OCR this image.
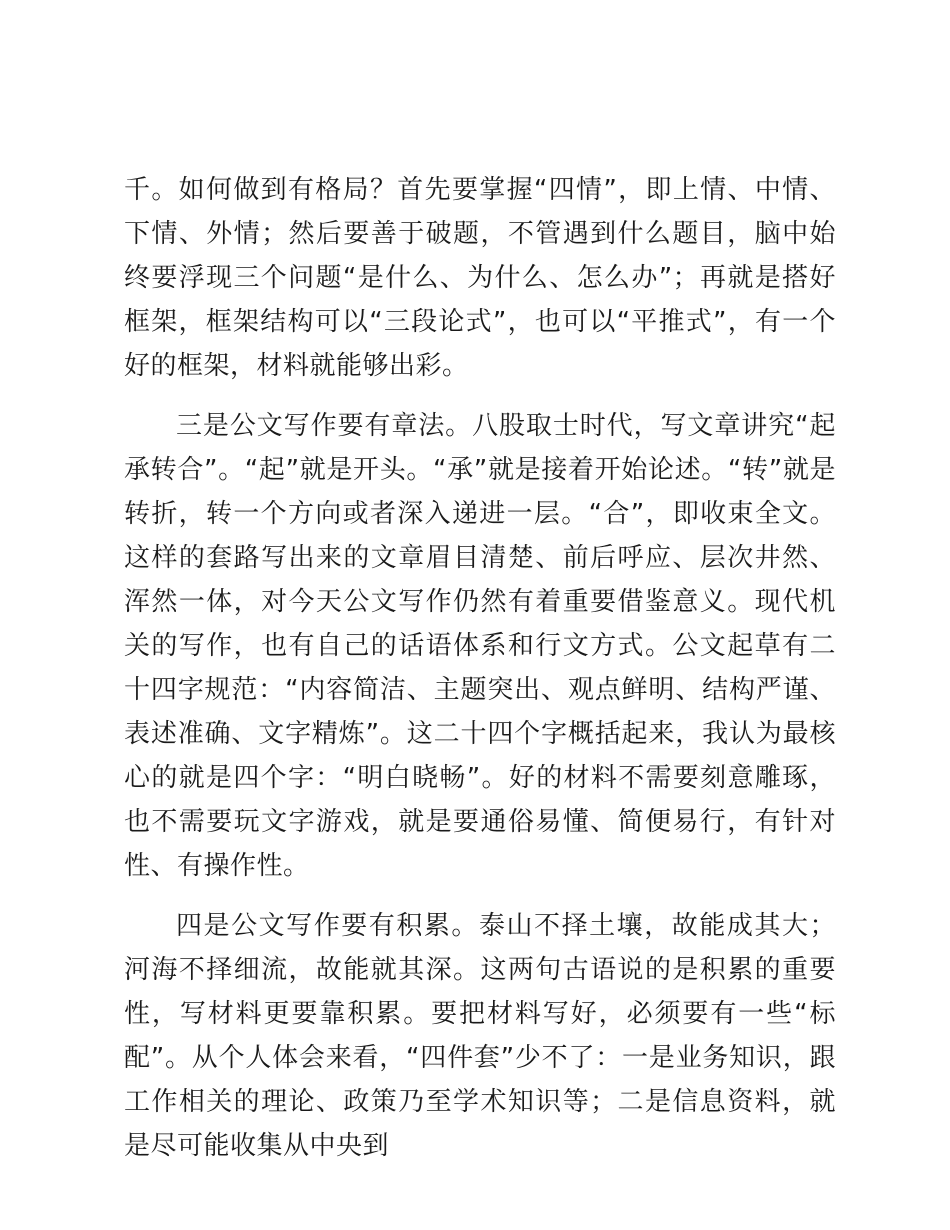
千。如何做到有格局？首先要掌握“四情”，即上情、中情、下情、外情；然后要善于破题，不管遇到什么题目，脑中始终要浮现三个问题“是什么、为什么、怎么办”；再就是搭好框架，框架结构可以“三段论式”，也可以“平推式”，有一个好的框架，材料就能够出彩。

三是公文写作要有章法。八股取士时代，写文章讲究“起承转合”。“起”就是开头。“承”就是接着开始论述。“转”就是转折，转一个方向或者深入递进一层。“合”，即收束全文。这样的套路写出来的文章眉目清楚、前后呼应、层次井然、浑然一体，对今天公文写作仍然有着重要借鉴意义。现代机关的写作，也有自己的话语体系和行文方式。公文起草有二十四字规范：“内容简洁、主题突出、观点鲜明、结构严谨、表述准确、文字精炼”。这二十四个字概括起来，我认为最核心的就是四个字：“明白晓畅”。好的材料不需要刻意雕琢，也不需要玩文字游戏，就是要通俗易懂、简便易行，有针对性、有操作性。

四是公文写作要有积累。泰山不择土壤，故能成其大；河海不择细流，故能就其深。这两句古语说的是积累的重要性，写材料更要靠积累。要把材料写好，必须要有一些“标配”。从个人体会来看，“四件套”少不了：一是业务知识，跟工作相关的理论、政策乃至学术知识等；二是信息资料，就是尽可能收集从中央到
